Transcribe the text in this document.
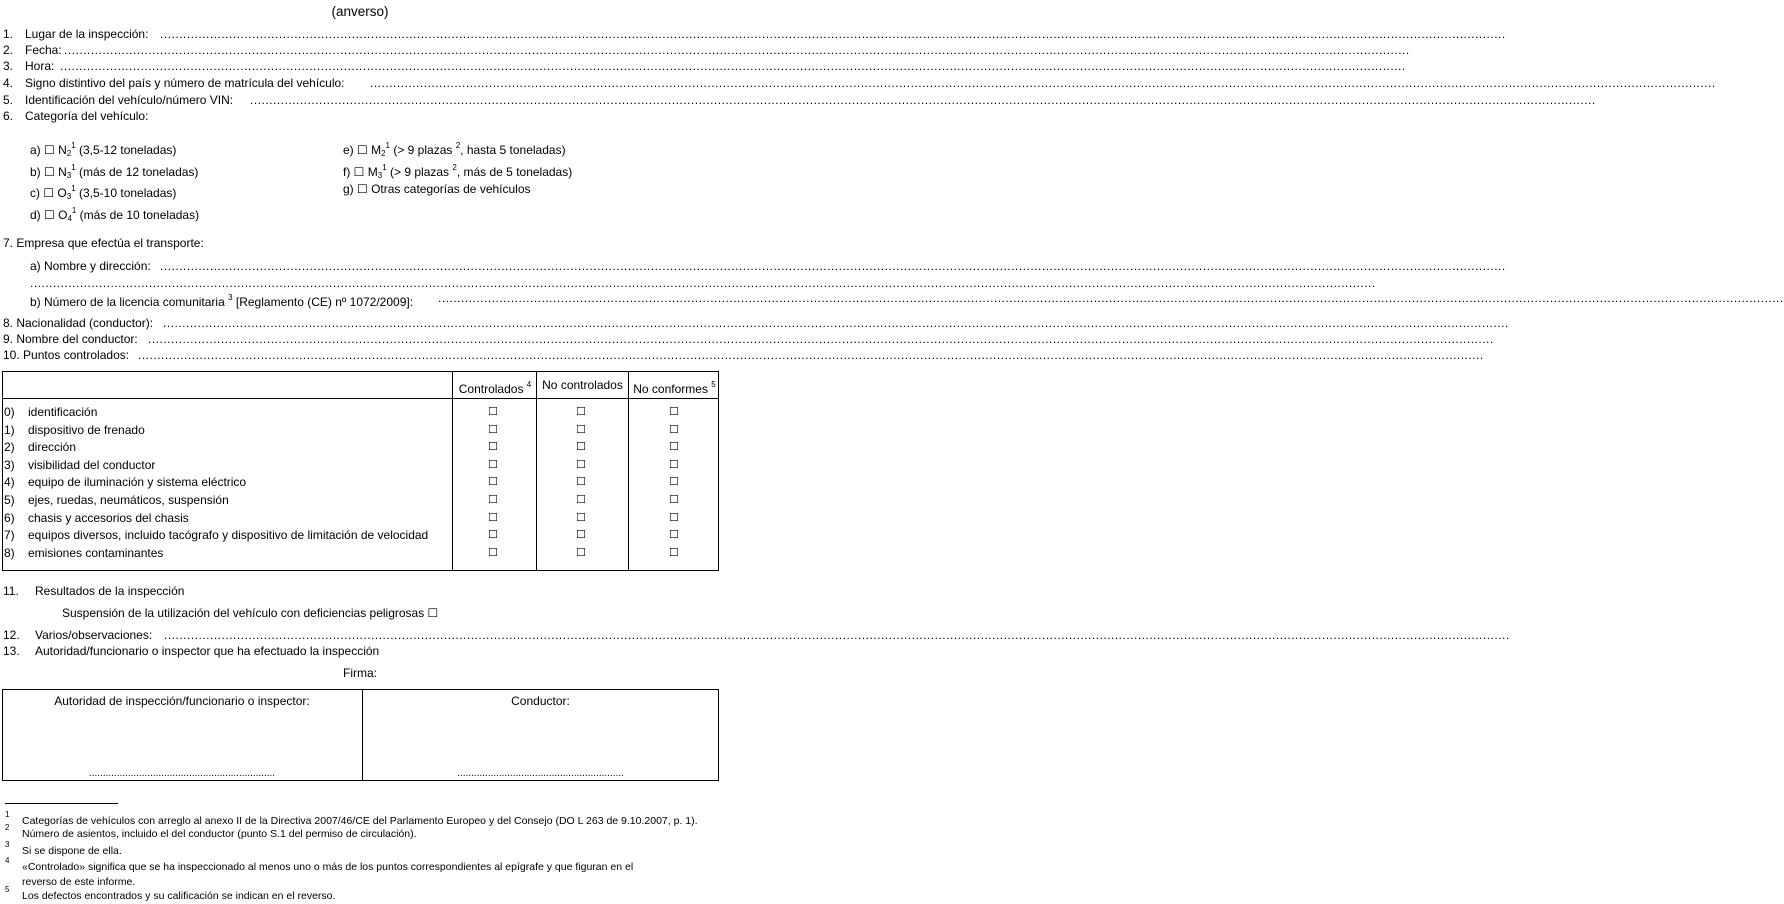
(anverso)
1. Lugar de la inspección: ...............................................................................................................................................................................................................................................................................................................................................................
2. Fecha: ...............................................................................................................................................................................................................................................................................................................................................................
3. Hora: ...............................................................................................................................................................................................................................................................................................................................................................
4. Signo distintivo del país y número de matrícula del vehículo: ...............................................................................................................................................................................................................................................................................................................................................................
5. Identificación del vehículo/número VIN: ...............................................................................................................................................................................................................................................................................................................................................................
6. Categoría del vehículo:
a) ☐ $N_2^1$ (3,5-12 toneladas)
b) ☐ $N_3^1$ (más de 12 toneladas)
c) ☐ $O_3^1$ (3,5-10 toneladas)
d) ☐ $O_4^1$ (más de 10 toneladas)
e) ☐ $M_2^1$ (> 9 plazas $^2$, hasta 5 toneladas)
f) ☐ $M_3^1$ (> 9 plazas $^2$, más de 5 toneladas)
g) ☐ Otras categorías de vehículos
7. Empresa que efectúa el transporte:
a) Nombre y dirección: ...............................................................................................................................................................................................................................................................................................................................................................
...............................................................................................................................................................................................................................................................................................................................................................
b) Número de la licencia comunitaria $^3$ [Reglamento (CE) nº 1072/2009]: ...............................................................................................................................................................................................................................................................................................................................................................
8. Nacionalidad (conductor): ...............................................................................................................................................................................................................................................................................................................................................................
9. Nombre del conductor: ...............................................................................................................................................................................................................................................................................................................................................................
10. Puntos controlados: ...............................................................................................................................................................................................................................................................................................................................................................
Controlados $^4$ No controlados No conformes $^5$
0) identificación	☐	☐	☐
1) dispositivo de frenado	☐	☐	☐
2) dirección	☐	☐	☐
3) visibilidad del conductor	☐	☐	☐
4) equipo de iluminación y sistema eléctrico	☐	☐	☐
5) ejes, ruedas, neumáticos, suspensión	☐	☐	☐
6) chasis y accesorios del chasis	☐	☐	☐
7) equipos diversos, incluido tacógrafo y dispositivo de limitación de velocidad	☐	☐	☐
8) emisiones contaminantes	☐	☐	☐
11. Resultados de la inspección
Suspensión de la utilización del vehículo con deficiencias peligrosas ☐
12. Varios/observaciones: ...............................................................................................................................................................................................................................................................................................................................................................
13. Autoridad/funcionario o inspector que ha efectuado la inspección
Firma:
Autoridad de inspección/funcionario o inspector:	Conductor:
...................................................................	............................................................
1
Categorías de vehículos con arreglo al anexo II de la Directiva 2007/46/CE del Parlamento Europeo y del Consejo (DO L 263 de 9.10.2007, p. 1).
2
Número de asientos, incluido el del conductor (punto S.1 del permiso de circulación).
3
Si se dispone de ella.
4
«Controlado» significa que se ha inspeccionado al menos uno o más de los puntos correspondientes al epígrafe y que figuran en el
reverso de este informe.
5
Los defectos encontrados y su calificación se indican en el reverso.
